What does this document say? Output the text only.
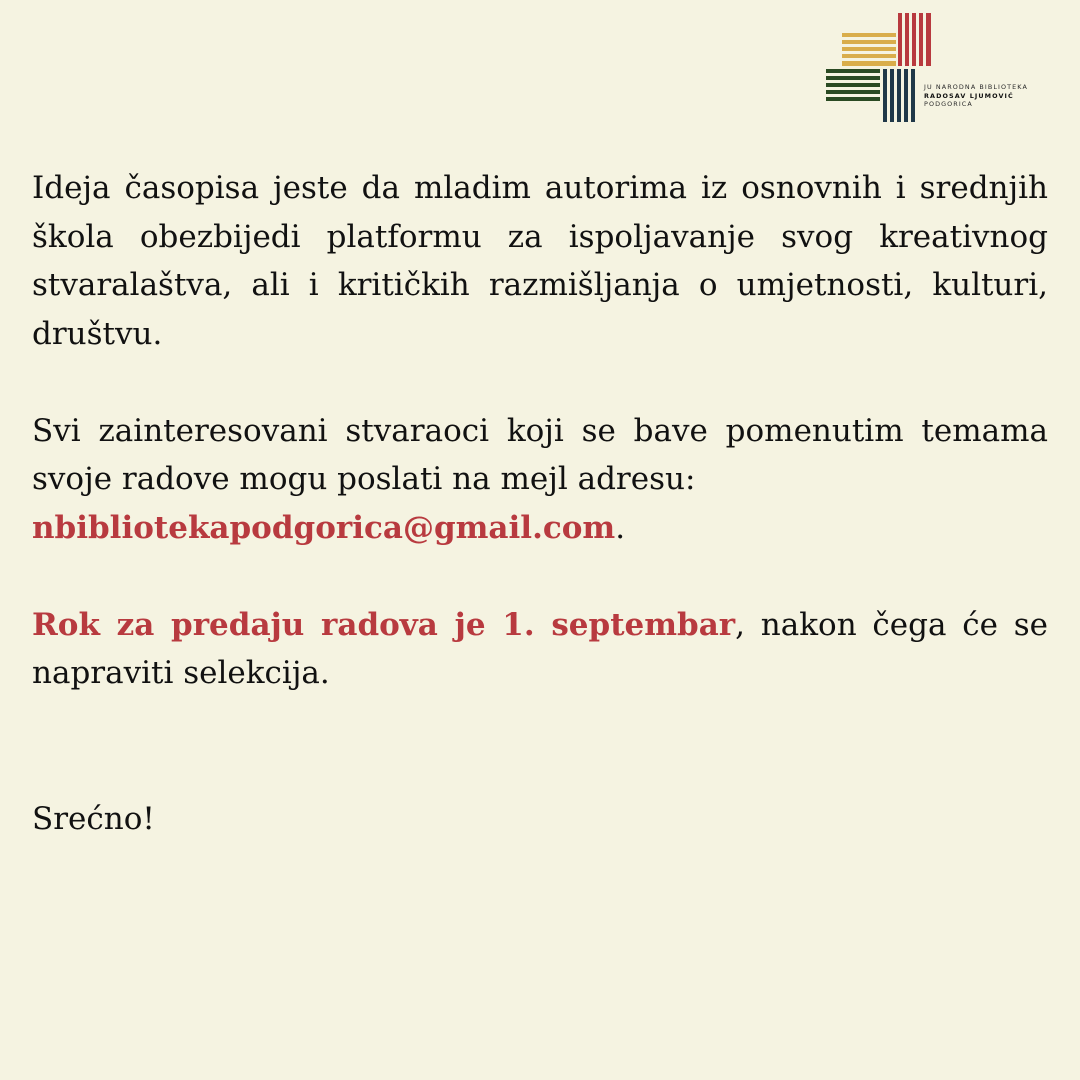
JU NARODNA BIBLIOTEKA
RADOSAV LJUMOVIĆ
PODGORICA

Ideja časopisa jeste da mladim autorima iz osnovnih i srednjih škola obezbijedi platformu za ispoljavanje svog kreativnog stvaralaštva, ali i kritičkih razmišljanja o umjetnosti, kulturi, društvu.

Svi zainteresovani stvaraoci koji se bave pomenutim temama svoje radove mogu poslati na mejl adresu:
nbibliotekapodgorica@gmail.com.

Rok za predaju radova je 1. septembar, nakon čega će se napraviti selekcija.

Srećno!
